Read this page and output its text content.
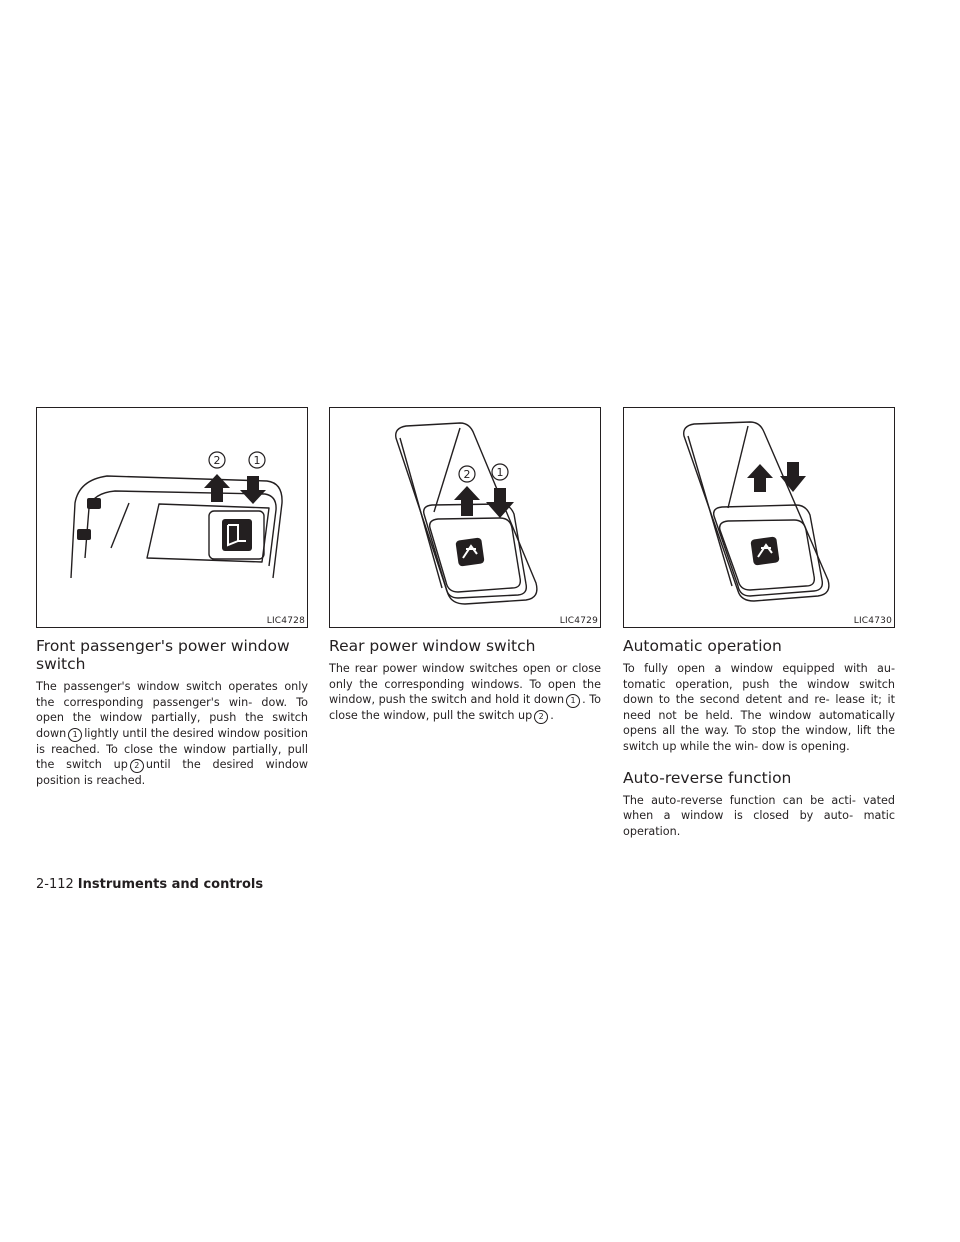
2	1
LIC4728
Front passenger's power window switch

The passenger's window switch operates only the corresponding passenger's win- dow. To open the window partially, push the switch down 1 lightly until the desired window position is reached. To close the window partially, pull the switch up 2 until the desired window position is reached.

2 1
LIC4729
Rear power window switch

The rear power window switches open or close only the corresponding windows. To open the window, push the switch and hold it down 1 . To close the window, pull the switch up 2 .

LIC4730
Automatic operation

To fully open a window equipped with au- tomatic operation, push the window switch down to the second detent and re- lease it; it need not be held. The window automatically opens all the way. To stop the window, lift the switch up while the win- dow is opening.

Auto-reverse function

The auto-reverse function can be acti- vated when a window is closed by auto- matic operation.

2-112 Instruments and controls
